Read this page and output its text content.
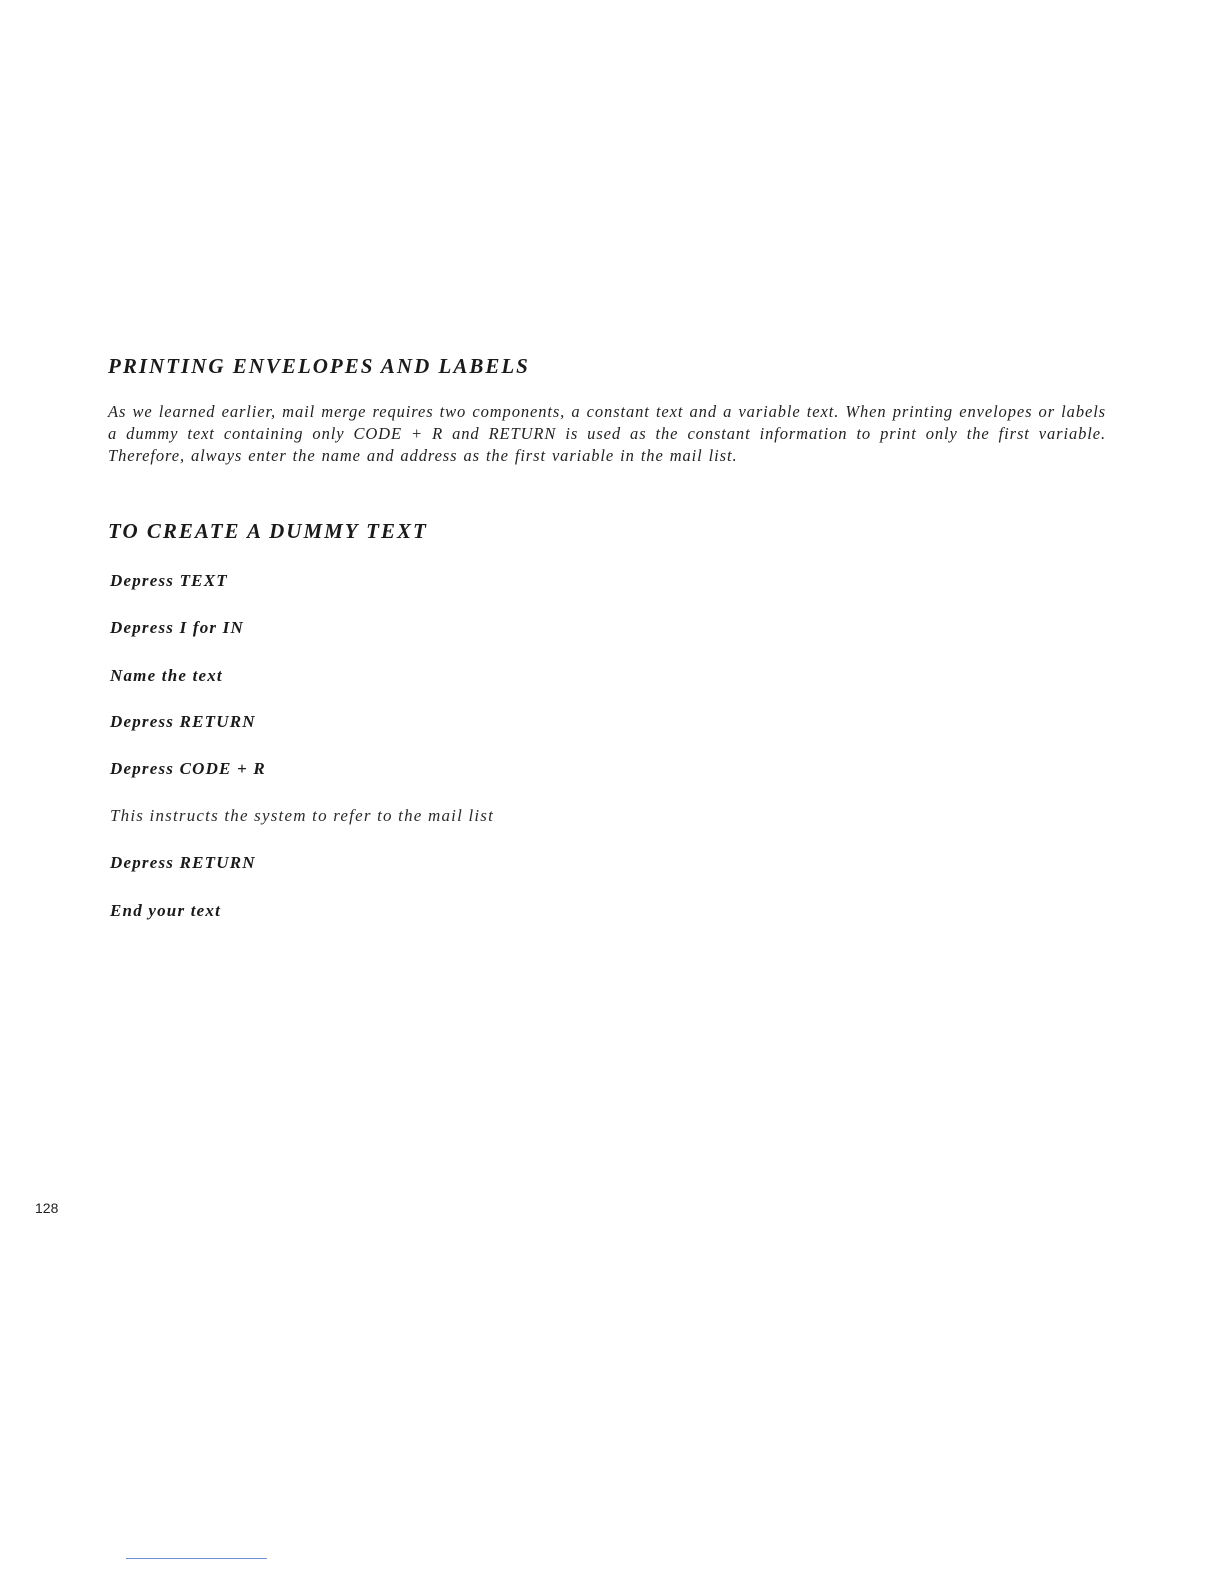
PRINTING ENVELOPES AND LABELS

As we learned earlier, mail merge requires two components, a constant text and a variable text. When printing envelopes or labels a dummy text containing only CODE + R and RETURN is used as the constant information to print only the first variable. Therefore, always enter the name and address as the first variable in the mail list.

TO CREATE A DUMMY TEXT

Depress TEXT

Depress I for IN

Name the text

Depress RETURN

Depress CODE + R

This instructs the system to refer to the mail list

Depress RETURN

End your text

128
